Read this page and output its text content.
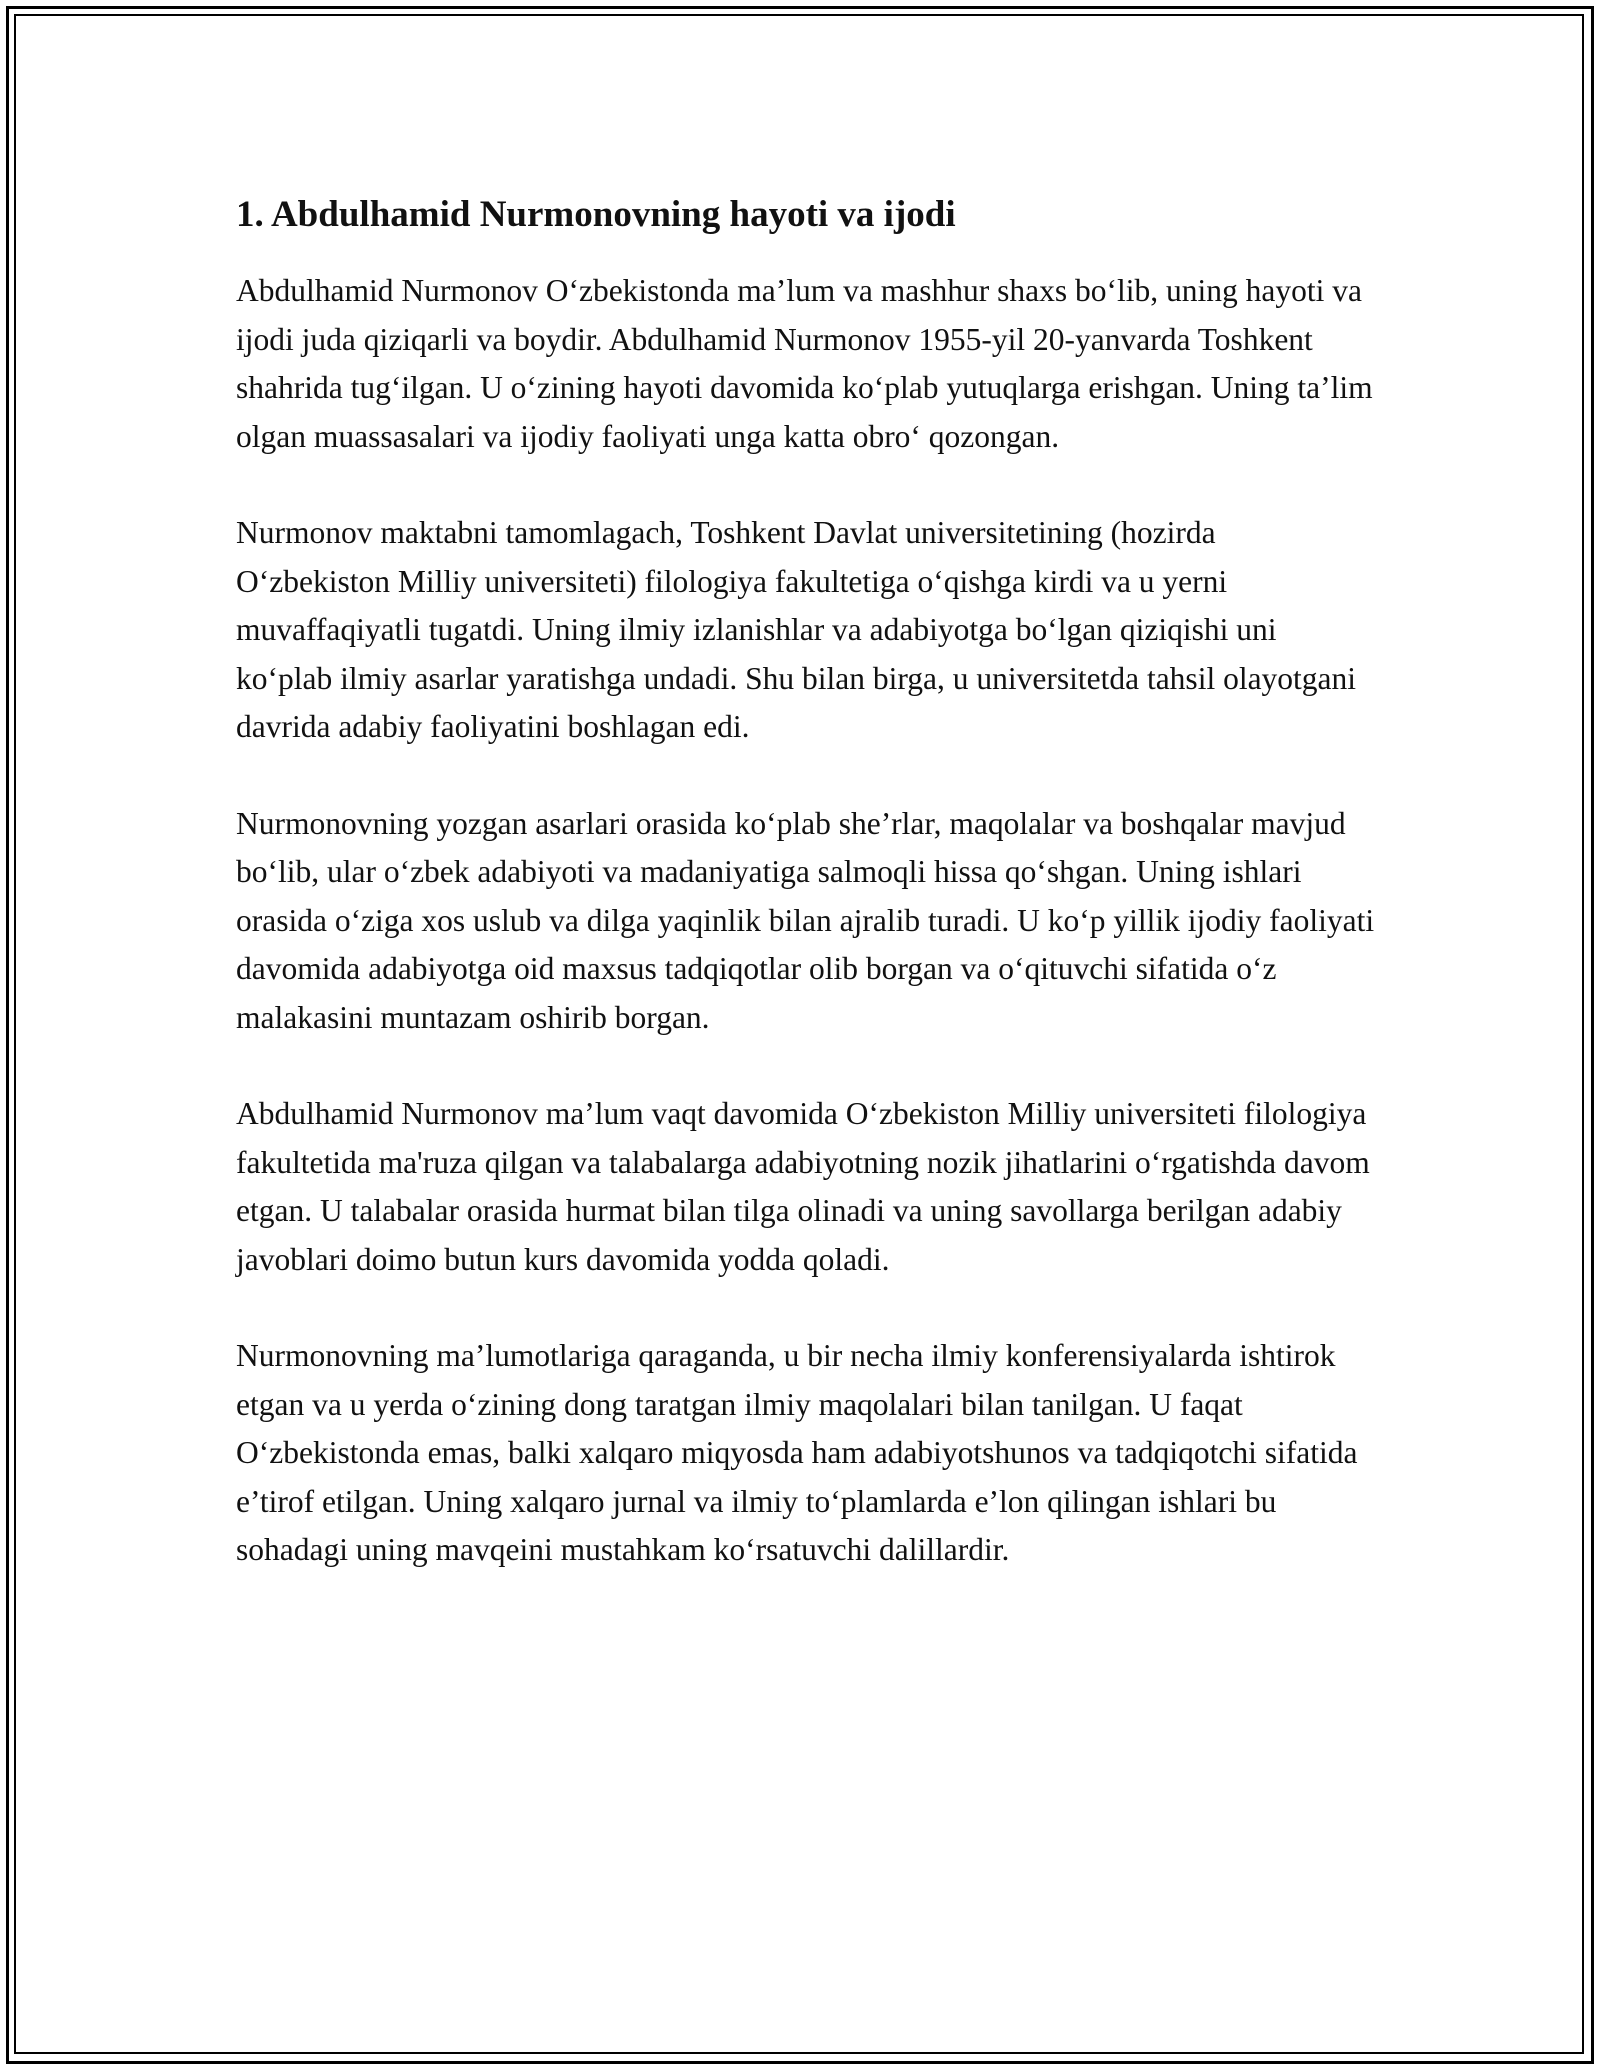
1. Abdulhamid Nurmonovning hayoti va ijodi

Abdulhamid Nurmonov O‘zbekistonda ma’lum va mashhur shaxs bo‘lib, uning hayoti va ijodi juda qiziqarli va boydir. Abdulhamid Nurmonov 1955-yil 20-yanvarda Toshkent shahrida tug‘ilgan. U o‘zining hayoti davomida ko‘plab yutuqlarga erishgan. Uning ta’lim olgan muassasalari va ijodiy faoliyati unga katta obro‘ qozongan.

Nurmonov maktabni tamomlagach, Toshkent Davlat universitetining (hozirda O‘zbekiston Milliy universiteti) filologiya fakultetiga o‘qishga kirdi va u yerni muvaffaqiyatli tugatdi. Uning ilmiy izlanishlar va adabiyotga bo‘lgan qiziqishi uni ko‘plab ilmiy asarlar yaratishga undadi. Shu bilan birga, u universitetda tahsil olayotgani davrida adabiy faoliyatini boshlagan edi.

Nurmonovning yozgan asarlari orasida ko‘plab she’rlar, maqolalar va boshqalar mavjud bo‘lib, ular o‘zbek adabiyoti va madaniyatiga salmoqli hissa qo‘shgan. Uning ishlari orasida o‘ziga xos uslub va dilga yaqinlik bilan ajralib turadi. U ko‘p yillik ijodiy faoliyati davomida adabiyotga oid maxsus tadqiqotlar olib borgan va o‘qituvchi sifatida o‘z malakasini muntazam oshirib borgan.

Abdulhamid Nurmonov ma’lum vaqt davomida O‘zbekiston Milliy universiteti filologiya fakultetida ma'ruza qilgan va talabalarga adabiyotning nozik jihatlarini o‘rgatishda davom etgan. U talabalar orasida hurmat bilan tilga olinadi va uning savollarga berilgan adabiy javoblari doimo butun kurs davomida yodda qoladi.

Nurmonovning ma’lumotlariga qaraganda, u bir necha ilmiy konferensiyalarda ishtirok etgan va u yerda o‘zining dong taratgan ilmiy maqolalari bilan tanilgan. U faqat O‘zbekistonda emas, balki xalqaro miqyosda ham adabiyotshunos va tadqiqotchi sifatida e’tirof etilgan. Uning xalqaro jurnal va ilmiy to‘plamlarda e’lon qilingan ishlari bu sohadagi uning mavqeini mustahkam ko‘rsatuvchi dalillardir.
